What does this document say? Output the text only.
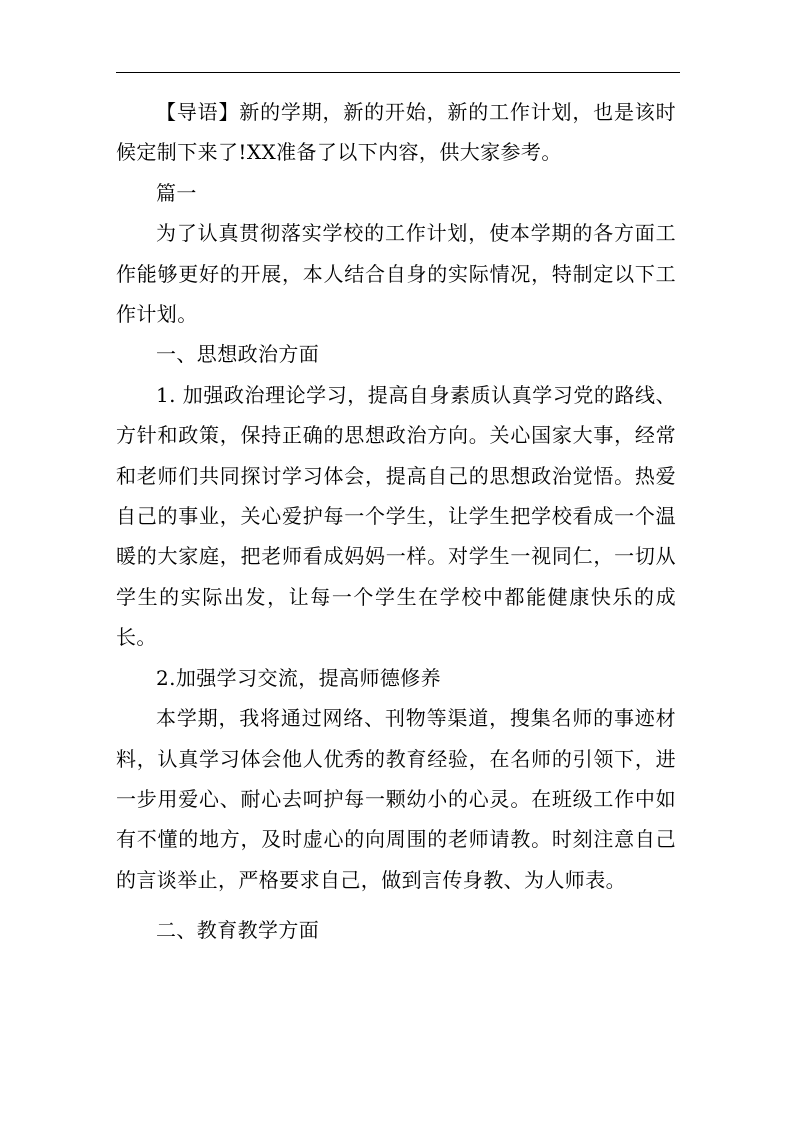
【导语】新的学期，新的开始，新的工作计划，也是该时候定制下来了!XX准备了以下内容，供大家参考。

篇一

为了认真贯彻落实学校的工作计划，使本学期的各方面工作能够更好的开展，本人结合自身的实际情况，特制定以下工作计划。

一、思想政治方面

1. 加强政治理论学习，提高自身素质认真学习党的路线、方针和政策，保持正确的思想政治方向。关心国家大事，经常和老师们共同探讨学习体会，提高自己的思想政治觉悟。热爱自己的事业，关心爱护每一个学生，让学生把学校看成一个温暖的大家庭，把老师看成妈妈一样。对学生一视同仁，一切从学生的实际出发，让每一个学生在学校中都能健康快乐的成长。

2.加强学习交流，提高师德修养

本学期，我将通过网络、刊物等渠道，搜集名师的事迹材料，认真学习体会他人优秀的教育经验，在名师的引领下，进一步用爱心、耐心去呵护每一颗幼小的心灵。在班级工作中如有不懂的地方，及时虚心的向周围的老师请教。时刻注意自己的言谈举止，严格要求自己，做到言传身教、为人师表。

二、教育教学方面
